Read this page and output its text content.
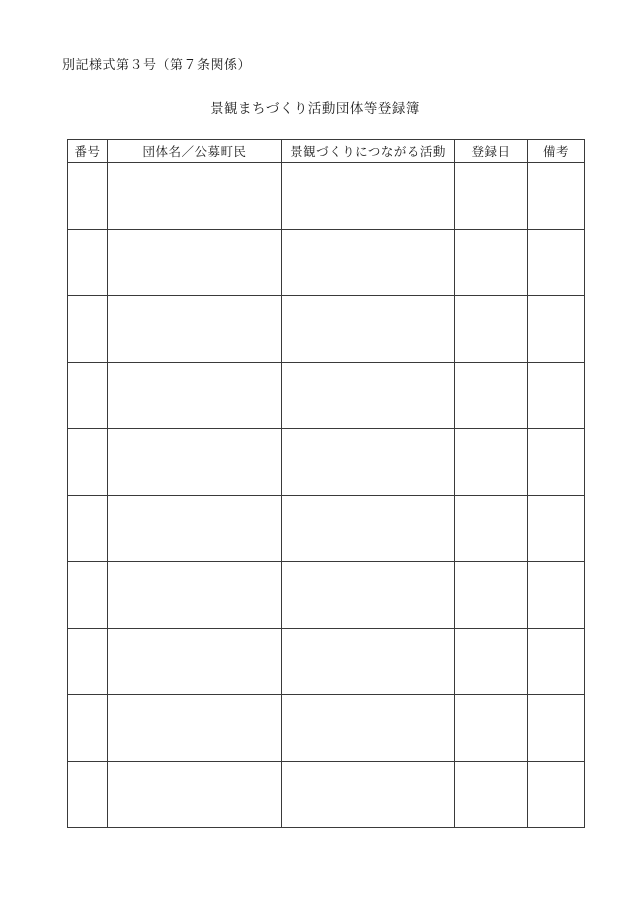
別記様式第３号（第７条関係）
景観まちづくり活動団体等登録簿
番号	団体名／公募町民	景観づくりにつながる活動	登録日	備考
